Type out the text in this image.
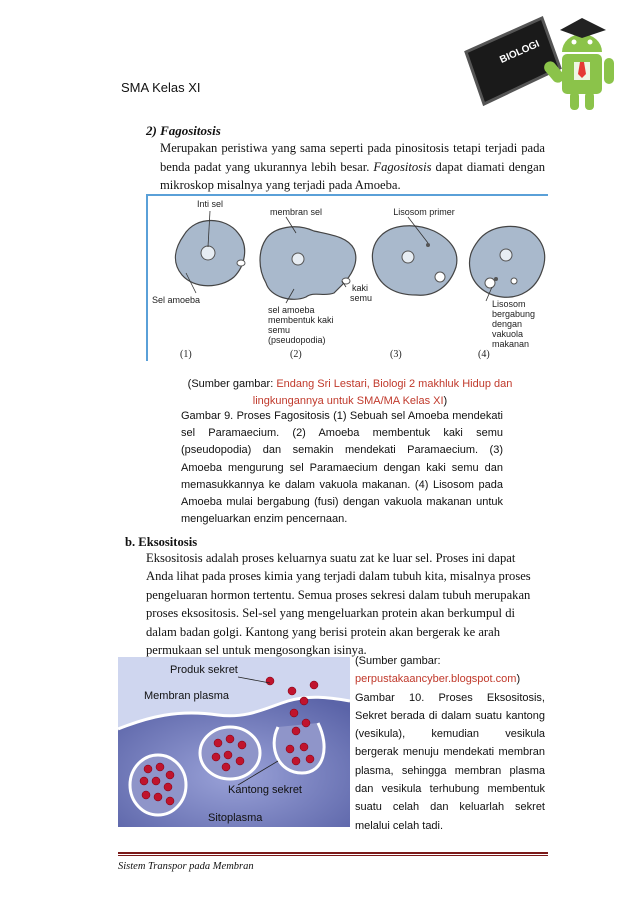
SMA Kelas XI
BIOLOGI
2) Fagositosis
Merupakan peristiwa yang sama seperti pada pinositosis tetapi terjadi pada benda padat yang ukurannya lebih besar. Fagositosis dapat diamati dengan mikroskop misalnya yang terjadi pada Amoeba.
Inti sel
membran sel	Lisosom primer
Sel amoeba
kaki
semu
sel amoeba
membentuk kaki
semu
(pseudopodia)
Lisosom
bergabung
dengan
vakuola
makanan
(1)	(2)	(3)	(4)
(Sumber gambar: Endang Sri Lestari, Biologi 2 makhluk Hidup dan lingkungannya untuk SMA/MA Kelas XI)
Gambar 9. Proses Fagositosis (1) Sebuah sel Amoeba mendekati sel Paramaecium. (2) Amoeba membentuk kaki semu (pseudopodia) dan semakin mendekati Paramaecium. (3) Amoeba mengurung sel Paramaecium dengan kaki semu dan memasukkannya ke dalam vakuola makanan. (4) Lisosom pada Amoeba mulai bergabung (fusi) dengan vakuola makanan untuk mengeluarkan enzim pencernaan.
b. Eksositosis
Eksositosis adalah proses keluarnya suatu zat ke luar sel. Proses ini dapat Anda lihat pada proses kimia yang terjadi dalam tubuh kita, misalnya proses pengeluaran hormon tertentu. Semua proses sekresi dalam tubuh merupakan proses eksositosis. Sel-sel yang mengeluarkan protein akan berkumpul di dalam badan golgi. Kantong yang berisi protein akan bergerak ke arah permukaan sel untuk mengosongkan isinya.
Produk sekret
Membran plasma
Kantong sekret
Sitoplasma
(Sumber gambar:
perpustakaancyber.blogspot.com)
Gambar 10. Proses Eksositosis, Sekret berada di dalam suatu kantong (vesikula), kemudian vesikula bergerak menuju mendekati membran plasma, sehingga membran plasma dan vesikula terhubung membentuk suatu celah dan keluarlah sekret melalui celah tadi.
Sistem Transpor pada Membran
